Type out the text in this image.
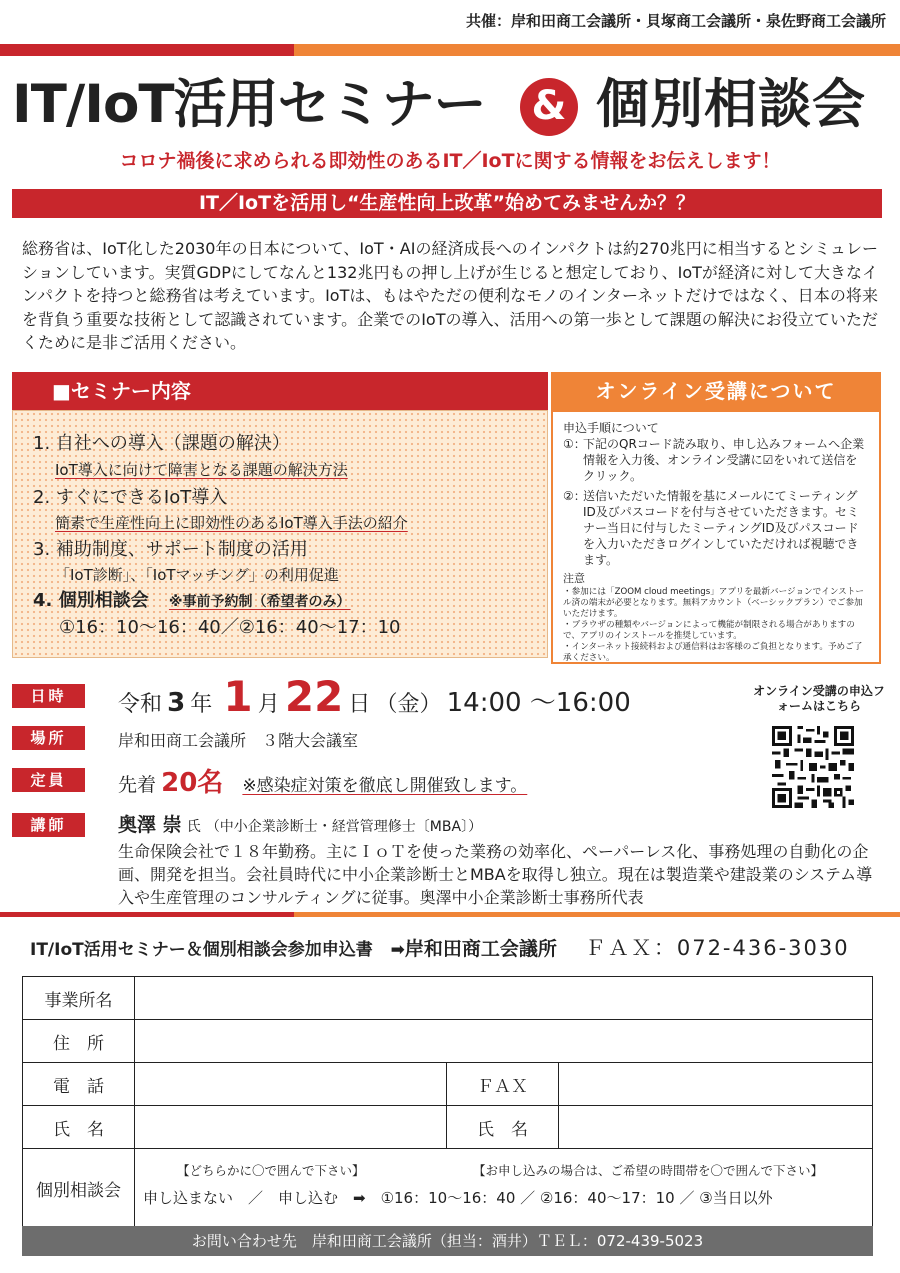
共催：岸和田商工会議所・貝塚商工会議所・泉佐野商工会議所
IT/IoT活用セミナー & 個別相談会
コロナ禍後に求められる即効性のあるIT／IoTに関する情報をお伝えします！
IT／IoTを活用し“生産性向上改革”始めてみませんか？？
総務省は、IoT化した2030年の日本について、IoT・AIの経済成長へのインパクトは約270兆円に相当するとシミュレーションしています。実質GDPにしてなんと132兆円もの押し上げが生じると想定しており、IoTが経済に対して大きなインパクトを持つと総務省は考えています。IoTは、もはやただの便利なモノのインターネットだけではなく、日本の将来を背負う重要な技術として認識されています。企業でのIoTの導入、活用への第一歩として課題の解決にお役立ていただくために是非ご活用ください。
■セミナー内容
1. 自社への導入（課題の解決）
IoT導入に向けて障害となる課題の解決方法
2. すぐにできるIoT導入
簡素で生産性向上に即効性のあるIoT導入手法の紹介
3. 補助制度、サポート制度の活用
「IoT診断」、「IoTマッチング」の利用促進
4. 個別相談会 ※事前予約制（希望者のみ）
①16：10～16：40／②16：40～17：10
オンライン受講について
申込手順について
①：
下記のQRコード読み取り、申し込みフォームへ企業情報を入力後、オンライン受講に☑をいれて送信をクリック。
②：
送信いただいた情報を基にメールにてミーティングID及びパスコードを付与させていただきます。セミナー当日に付与したミーティングID及びパスコードを入力いただきログインしていただければ視聴できます。
注意
・参加には「ZOOM cloud meetings」アプリを最新バージョンでインストール済の端末が必要となります。無料アカウント（ベーシックプラン）でご参加いただけます。
・ブラウザの種類やバージョンによって機能が制限される場合がありますので、アプリのインストールを推奨しています。
・インターネット接続料および通信料はお客様のご負担となります。予めご了承ください。
日時	令和 3 年 1 月 22 日 （金） 14:00 ～16:00	オンライン受講の申込フォームはこちら
場所	岸和田商工会議所　３階大会議室
定員	先着 20名 ※感染症対策を徹底し開催致します。
講師	奥澤 崇 氏 （中小企業診断士・経営管理修士〔MBA〕）
生命保険会社で１８年勤務。主にＩｏＴを使った業務の効率化、ペーパーレス化、事務処理の自動化の企画、開発を担当。会社員時代に中小企業診断士とMBAを取得し独立。現在は製造業や建設業のシステム導入や生産管理のコンサルティングに従事。奥澤中小企業診断士事務所代表
IT/IoT活用セミナー＆個別相談会参加申込書 ➡岸和田商工会議所 ＦＡＸ：072-436-3030
事業所名			
住　所			
電　話		ＦＡＸ	
氏　名		氏　名	
個別相談会	【どちらかに〇で囲んで下さい】 【お申し込みの場合は、ご希望の時間帯を〇で囲んで下さい】
申し込まない　／　申し込む　➡　①16：10～16：40 ／ ②16：40～17：10 ／ ③当日以外		
お問い合わせ先　岸和田商工会議所（担当：酒井）ＴＥＬ：072-439-5023
